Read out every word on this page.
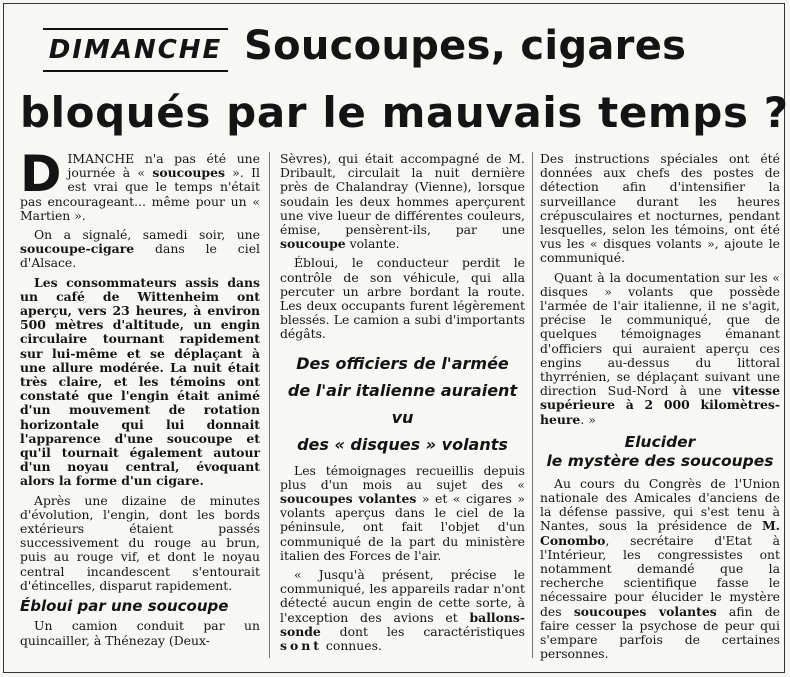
DIMANCHE Soucoupes, cigares
bloqués par le mauvais temps ?

DIMANCHE n'a pas été une journée à « soucoupes ». Il est vrai que le temps n'était pas encourageant... même pour un « Martien ».

On a signalé, samedi soir, une soucoupe-cigare dans le ciel d'Alsace.

Les consommateurs assis dans un café de Wittenheim ont aperçu, vers 23 heures, à environ 500 mètres d'altitude, un engin circulaire tournant rapidement sur lui-même et se déplaçant à une allure modérée. La nuit était très claire, et les témoins ont constaté que l'engin était animé d'un mouvement de rotation horizontale qui lui donnait l'apparence d'une soucoupe et qu'il tournait également autour d'un noyau central, évoquant alors la forme d'un cigare.

Après une dizaine de minutes d'évolution, l'engin, dont les bords extérieurs étaient passés successivement du rouge au brun, puis au rouge vif, et dont le noyau central incandescent s'entourait d'étincelles, disparut rapidement.

Ébloui par une soucoupe

Un camion conduit par un quincailler, à Thénezay (Deux-

Sèvres), qui était accompagné de M. Dribault, circulait la nuit dernière près de Chalandray (Vienne), lorsque soudain les deux hommes aperçurent une vive lueur de différentes couleurs, émise, pensèrent-ils, par une soucoupe volante.

Ébloui, le conducteur perdit le contrôle de son véhicule, qui alla percuter un arbre bordant la route. Les deux occupants furent légèrement blessés. Le camion a subi d'importants dégâts.

Des officiers de l'armée
de l'air italienne auraient vu
des « disques » volants

Les témoignages recueillis depuis plus d'un mois au sujet des « soucoupes volantes » et « cigares » volants aperçus dans le ciel de la péninsule, ont fait l'objet d'un communiqué de la part du ministère italien des Forces de l'air.

« Jusqu'à présent, précise le communiqué, les appareils radar n'ont détecté aucun engin de cette sorte, à l'exception des avions et ballons-sonde dont les caractéristiques sont connues.

Des instructions spéciales ont été données aux chefs des postes de détection afin d'intensifier la surveillance durant les heures crépusculaires et nocturnes, pendant lesquelles, selon les témoins, ont été vus les « disques volants », ajoute le communiqué.

Quant à la documentation sur les « disques » volants que possède l'armée de l'air italienne, il ne s'agit, précise le communiqué, que de quelques témoignages émanant d'officiers qui auraient aperçu ces engins au-dessus du littoral thyrrénien, se déplaçant suivant une direction Sud-Nord à une vitesse supérieure à 2 000 kilomètres-heure. »

Elucider
le mystère des soucoupes

Au cours du Congrès de l'Union nationale des Amicales d'anciens de la défense passive, qui s'est tenu à Nantes, sous la présidence de M. Conombo, secrétaire d'Etat à l'Intérieur, les congressistes ont notamment demandé que la recherche scientifique fasse le nécessaire pour élucider le mystère des soucoupes volantes afin de faire cesser la psychose de peur qui s'empare parfois de certaines personnes.
